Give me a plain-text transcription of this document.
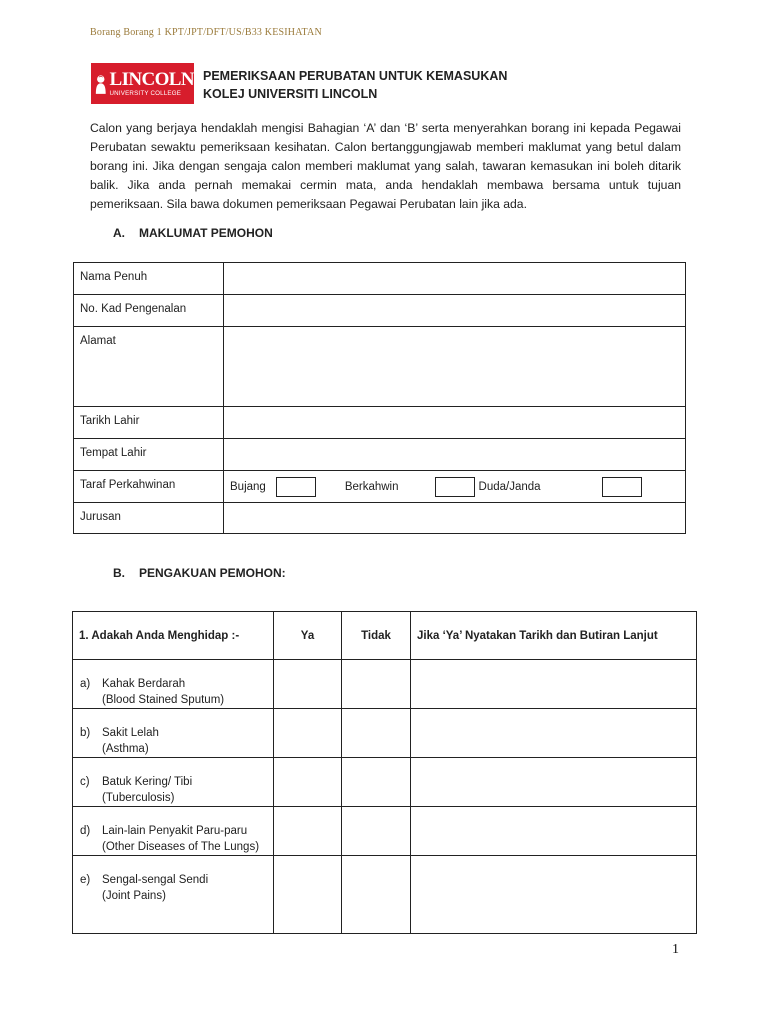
Borang Borang 1 KPT/JPT/DFT/US/B33 KESIHATAN
LINCOLN
UNIVERSITY COLLEGE
PEMERIKSAAN PERUBATAN UNTUK KEMASUKAN
KOLEJ UNIVERSITI LINCOLN
Calon yang berjaya hendaklah mengisi Bahagian ‘A’ dan ‘B’ serta menyerahkan borang ini kepada Pegawai Perubatan sewaktu pemeriksaan kesihatan. Calon bertanggungjawab memberi maklumat yang betul dalam borang ini. Jika dengan sengaja calon memberi maklumat yang salah, tawaran kemasukan ini boleh ditarik balik. Jika anda pernah memakai cermin mata, anda hendaklah membawa bersama untuk tujuan pemeriksaan. Sila bawa dokumen pemeriksaan Pegawai Perubatan lain jika ada.
A. MAKLUMAT PEMOHON
Nama Penuh	
No. Kad Pengenalan	
Alamat	
Tarikh Lahir	
Tempat Lahir	
Taraf Perkahwinan	Bujang Berkahwin Duda/Janda

Jurusan	
B. PENGAKUAN PEMOHON:
1. Adakah Anda Menghidap :-	Ya	Tidak	Jika ‘Ya’ Nyatakan Tarikh dan Butiran Lanjut

a) Kahak Berdarah
(Blood Stained Sputum)			

b) Sakit Lelah
(Asthma)			

c) Batuk Kering/ Tibi
(Tuberculosis)			

d) Lain-lain Penyakit Paru-paru
(Other Diseases of The Lungs)			

e) Sengal-sengal Sendi
(Joint Pains)			

1
